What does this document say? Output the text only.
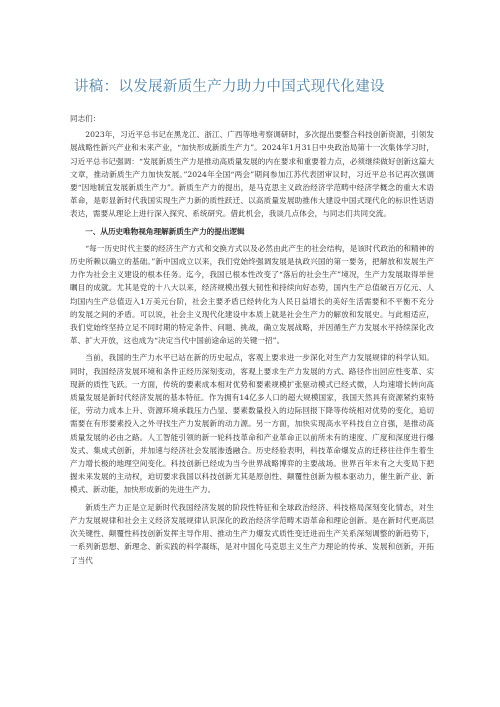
讲稿：以发展新质生产力助力中国式现代化建设

同志们：

2023年，习近平总书记在黑龙江、浙江、广西等地考察调研时，多次提出要整合科技创新资源，引领发展战略性新兴产业和未来产业，“加快形成新质生产力”。2024年1月31日中央政治局第十一次集体学习时，习近平总书记强调：“发展新质生产力是推动高质量发展的内在要求和重要着力点，必须继续做好创新这篇大文章，推动新质生产力加快发展。”2024年全国“两会”期间参加江苏代表团审议时，习近平总书记再次强调要“因地制宜发展新质生产力”。新质生产力的提出，是马克思主义政治经济学范畴中经济学概念的重大术语革命，是彰显新时代我国实现生产力新的质性跃迁、以高质量发展助推伟大建设中国式现代化的标识性话语表达，需要从理论上进行深入探究、系统研究。借此机会，我谈几点体会，与同志们共同交流。

一、从历史唯物视角理解新质生产力的提出逻辑

“每一历史时代主要的经济生产方式和交换方式以及必然由此产生的社会结构，是该时代政治的和精神的历史所赖以确立的基础。”新中国成立以来，我们党始终强调发展是执政兴国的第一要务，把解放和发展生产力作为社会主义建设的根本任务。迄今，我国已根本性改变了“落后的社会生产”境况，生产力发展取得举世瞩目的成就。尤其是党的十八大以来，经济规模出强大韧性和持续向好态势，国内生产总值破百万亿元、人均国内生产总值迈入1万美元台阶，社会主要矛盾已经转化为人民日益增长的美好生活需要和不平衡不充分的发展之间的矛盾。可以说，社会主义现代化建设中本质上就是社会生产力的解放和发展史。与此相适应，我们党始终坚持立足不同时期的特定条件、问题、挑战，确立发展战略，并因循生产力发展水平持续深化改革、扩大开放，这也成为“决定当代中国前途命运的关键一招”。

当前，我国的生产力水平已站在新的历史起点，客观上要求进一步深化对生产力发展规律的科学认知。同时，我国经济发展环境和条件正经历深刻变动，客观上要求生产力发展的方式、路径作出回应性变革、实现新的质性飞跃。一方面，传统的要素成本相对优势和要素规模扩张驱动模式已经式微，人均速增长转向高质量发展是新时代经济发展的基本特征。作为拥有14亿多人口的超大规模国家，我国天然具有资源紧约束特征，劳动力成本上升、资源环境承载压力凸显、要素数量投入的边际回报下降等传统相对优势的变化，追切需要在有形要素投入之外寻找生产力发展新的动力源。另一方面，加快实现高水平科技自立自强，是推动高质量发展的必由之路。人工智能引领的新一轮科技革命和产业革命正以前所未有的速度、广度和深度进行爆发式、集成式创新，并加速与经济社会发展渗透融合。历史经验表明，科技革命爆发点的迁移往往伴生着生产力增长极的地理空间变化。科技创新已经成为当今世界战略博弈的主要战场。世界百年未有之大变局下把握未来发展的主动权，迫切要求我国以科技创新尤其是原创性、颠覆性创新为根本驱动力，催生新产业、新模式、新动能，加快形成新的先进生产力。

新质生产力正是立足新时代我国经济发展的阶段性特征和全球政治经济、科技格局深刻变化情态，对生产力发展规律和社会主义经济发展规律认识深化的政治经济学范畴术语革命和理论创新。是在新时代更高层次关键性、颠覆性科技创新发挥主导作用、推动生产力爆发式质性变迁进而生产关系深刻调整的新趋势下，一系列新思想、新理念、新实践的科学凝练，是对中国化马克思主义生产力理论的传承、发展和创新，开拓了当代
